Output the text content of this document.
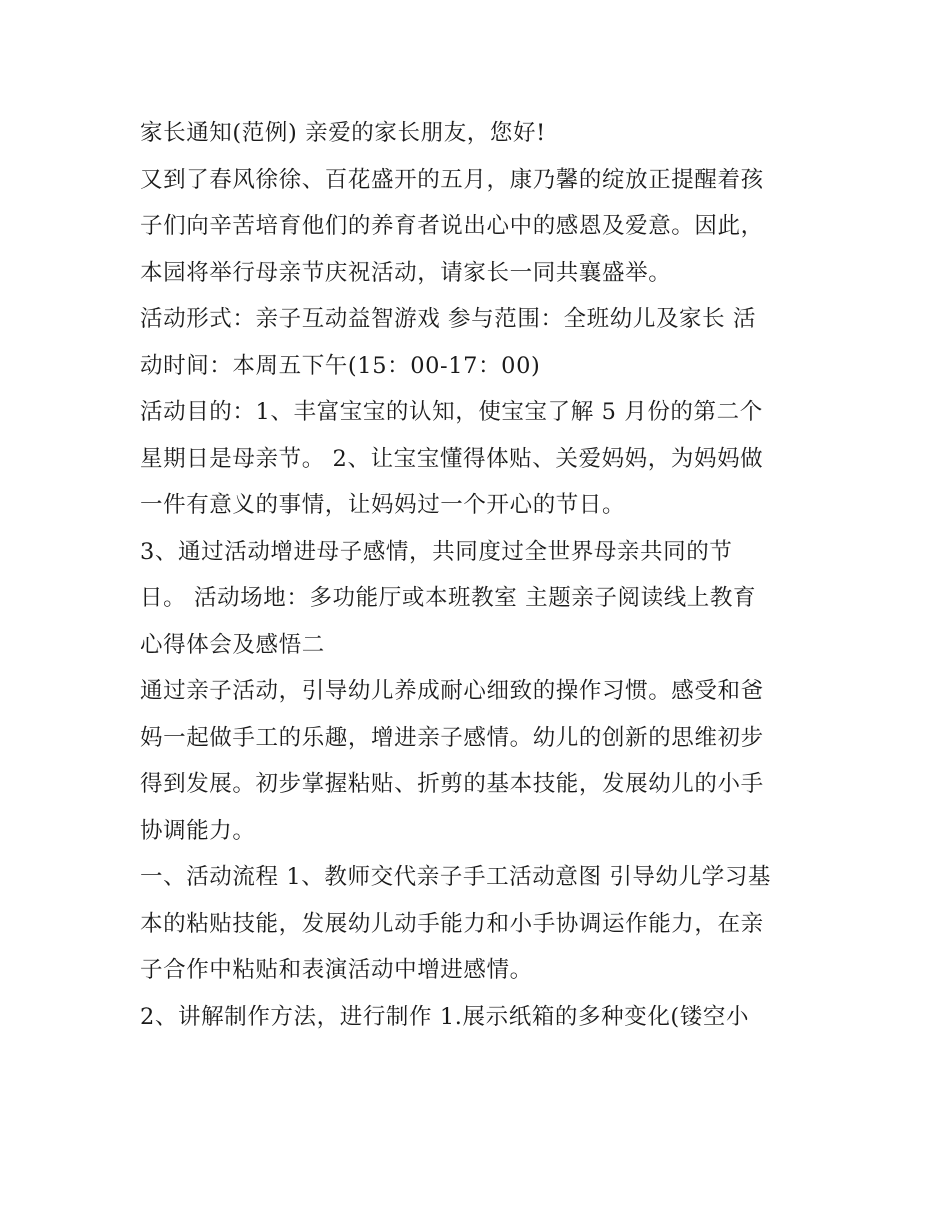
家长通知(范例) 亲爱的家长朋友，您好!
又到了春风徐徐、百花盛开的五月，康乃馨的绽放正提醒着孩
子们向辛苦培育他们的养育者说出心中的感恩及爱意。因此，
本园将举行母亲节庆祝活动，请家长一同共襄盛举。
活动形式：亲子互动益智游戏 参与范围：全班幼儿及家长 活
动时间：本周五下午(15：00-17：00)
活动目的：1、丰富宝宝的认知，使宝宝了解 5 月份的第二个
星期日是母亲节。 2、让宝宝懂得体贴、关爱妈妈，为妈妈做
一件有意义的事情，让妈妈过一个开心的节日。
3、通过活动增进母子感情，共同度过全世界母亲共同的节
日。 活动场地：多功能厅或本班教室 主题亲子阅读线上教育
心得体会及感悟二
通过亲子活动，引导幼儿养成耐心细致的操作习惯。感受和爸
妈一起做手工的乐趣，增进亲子感情。幼儿的创新的思维初步
得到发展。初步掌握粘贴、折剪的基本技能，发展幼儿的小手
协调能力。
一、活动流程 1、教师交代亲子手工活动意图 引导幼儿学习基
本的粘贴技能，发展幼儿动手能力和小手协调运作能力，在亲
子合作中粘贴和表演活动中增进感情。
2、讲解制作方法，进行制作 1.展示纸箱的多种变化(镂空小
